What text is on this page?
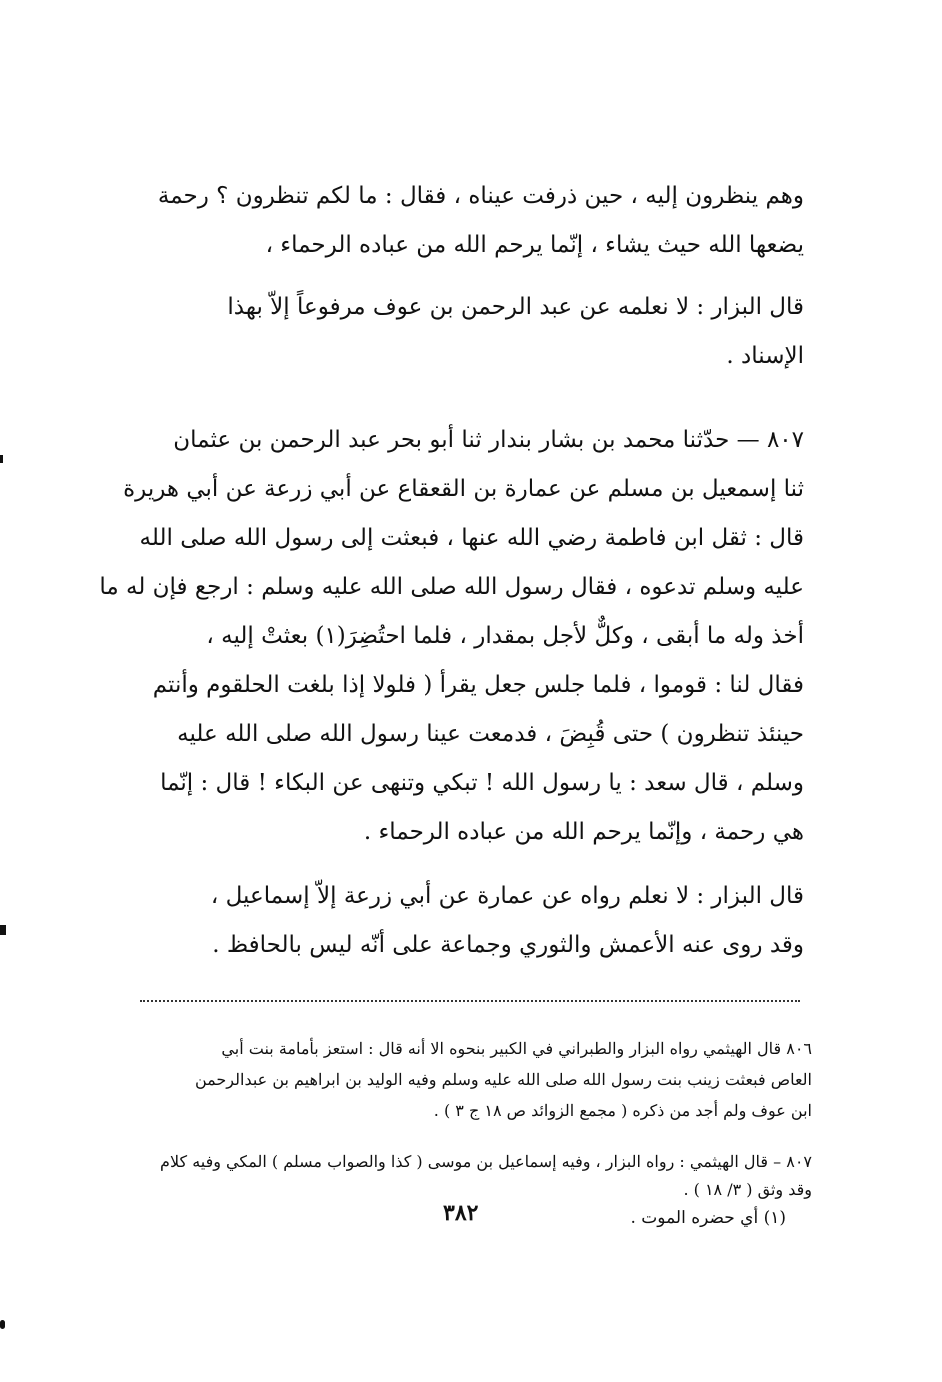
وهم ينظرون إليه ، حين ذرفت عيناه ، فقال : ما لكم تنظرون ؟ رحمة
يضعها الله حيث يشاء ، إنّما يرحم الله من عباده الرحماء ،
قال البزار : لا نعلمه عن عبد الرحمن بن عوف مرفوعاً إلاّ بهذا
الإسناد .
٨٠٧ — حدّثنا محمد بن بشار بندار ثنا أبو بحر عبد الرحمن بن عثمان
ثنا إسمعيل بن مسلم عن عمارة بن القعقاع عن أبي زرعة عن أبي هريرة
قال : ثقل ابن فاطمة رضي الله عنها ، فبعثت إلى رسول الله صلى الله
عليه وسلم تدعوه ، فقال رسول الله صلى الله عليه وسلم : ارجع فإن له ما
أخذ وله ما أبقى ، وكلٌّ لأجل بمقدار ، فلما احتُضِرَ(١) بعثتْ إليه ،
فقال لنا : قوموا ، فلما جلس جعل يقرأ ( فلولا إذا بلغت الحلقوم وأنتم
حينئذ تنظرون ) حتى قُبِضَ ، فدمعت عينا رسول الله صلى الله عليه
وسلم ، قال سعد : يا رسول الله ! تبكي وتنهى عن البكاء ! قال : إنّما
هي رحمة ، وإنّما يرحم الله من عباده الرحماء .
قال البزار : لا نعلم رواه عن عمارة عن أبي زرعة إلاّ إسماعيل ،
وقد روى عنه الأعمش والثوري وجماعة على أنّه ليس بالحافظ .
٨٠٦ قال الهيثمي رواه البزار والطبراني في الكبير بنحوه الا أنه قال : استعز بأمامة بنت أبي
العاص فبعثت زينب بنت رسول الله صلى الله عليه وسلم وفيه الوليد بن ابراهيم بن عبدالرحمن
ابن عوف ولم أجد من ذكره ( مجمع الزوائد ص ١٨ ج ٣ ) .
٨٠٧ – قال الهيثمي : رواه البزار ، وفيه إسماعيل بن موسى ( كذا والصواب مسلم ) المكي وفيه كلام
وقد وثق ( ٣/ ١٨ ) .
(١) أي حضره الموت .
٣٨٢
